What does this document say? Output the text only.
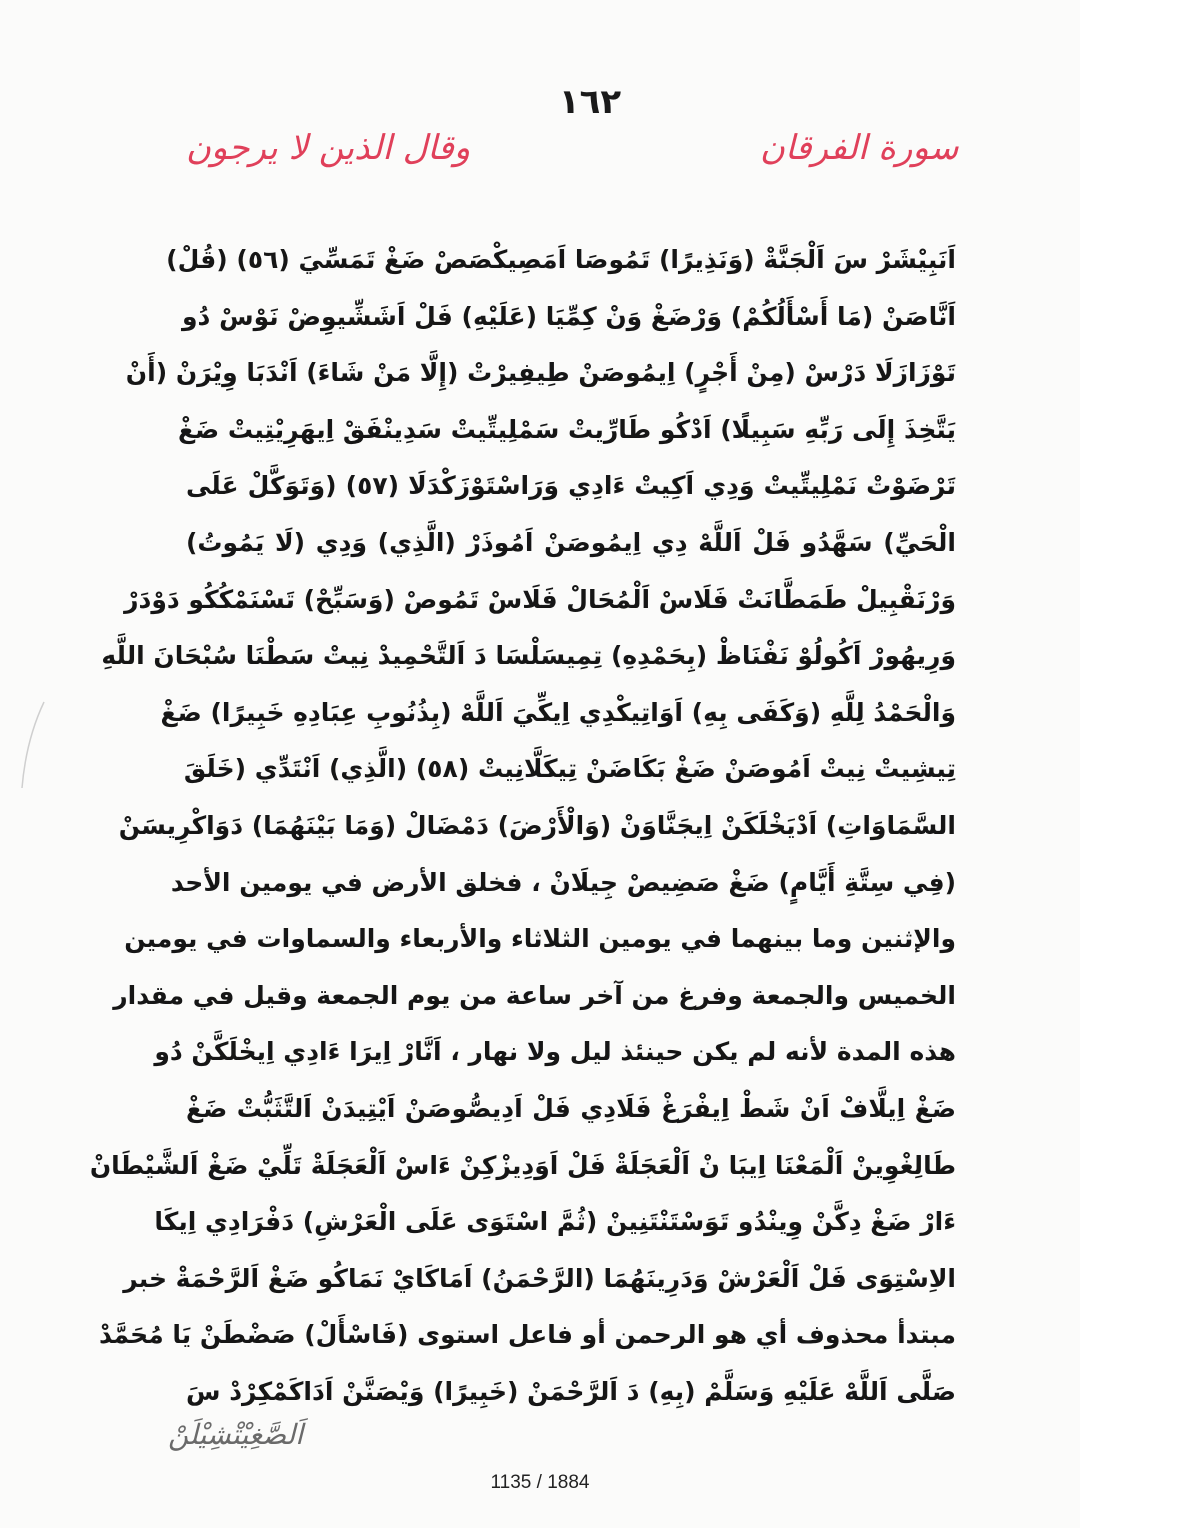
١٦٢
وقال الذين لا يرجون	سورة الفرقان
اَنَبِيْشَرْ سَ اَلْجَنَّةْ (وَنَذِيرًا) تَمُوصَا اَمَصِيكْصَصْ ضَغْ تَمَسِّيَ (٥٦) (قُلْ)
اَنَّاصَنْ (مَا أَسْأَلُكُمْ) وَرْضَغْ وَنْ كِمِّيَا (عَلَيْهِ) فَلْ اَشَشِّيوِضْ نَوْسْ دُو
تَوْزَازَلَا دَرْسْ (مِنْ أَجْرٍ) اِيمُوصَنْ طِيفِيرْتْ (إِلَّا مَنْ شَاءَ) اَنْدَبَا وِيْرَنْ (أَنْ
يَتَّخِذَ إِلَى رَبِّهِ سَبِيلًا) اَدْكُو طَارِّيتْ سَمْلِيتِّيتْ سَدِينْفَقْ اِيهَرِيْتِيتْ ضَغْ
تَرْضَوْتْ نَمْلِيتِّيتْ وَدِي اَكِيتْ ءَادِي وَرَاسْتَوْزَكْدَلَا (٥٧) (وَتَوَكَّلْ عَلَى
الْحَيِّ) سَهَّدُو فَلْ اَللَّهْ دِي اِيمُوصَنْ اَمُوذَرْ (الَّذِي) وَدِي (لَا يَمُوتُ)
وَرْنَقْبِيلْ طَمَطَّانَتْ فَلَاسْ اَلْمُحَالْ فَلَاسْ تَمُوصْ (وَسَبِّحْ) تَسْنَمْكُكُو دَوْدَرْ
وَرِيهُورْ اَكُولُوْ نَفْنَاظْ (بِحَمْدِهِ) تِمِيسَلْسَا دَ اَلتَّحْمِيدْ نِيتْ سَطْنَا سُبْحَانَ اللَّهِ
وَالْحَمْدُ لِلَّهِ (وَكَفَى بِهِ) اَوَاتِيكْدِي اِيكِّيَ اَللَّهْ (بِذُنُوبِ عِبَادِهِ خَبِيرًا) ضَغْ
تِيشِيتْ نِيتْ اَمُوصَنْ ضَغْ بَكَاضَنْ تِيكَلَّانِيتْ (٥٨) (الَّذِي) اَنْتَدِّي (خَلَقَ
السَّمَاوَاتِ) اَدْيَخْلَكَنْ اِيجَنَّاوَنْ (وَالْأَرْضَ) دَمْضَالْ (وَمَا بَيْنَهُمَا) دَوَاكْرِيسَنْ
(فِي سِتَّةِ أَيَّامٍ) ضَغْ صَضِيصْ جِيلَانْ ، فخلق الأرض في يومين الأحد
والإثنين وما بينهما في يومين الثلاثاء والأربعاء والسماوات في يومين
الخميس والجمعة وفرغ من آخر ساعة من يوم الجمعة وقيل في مقدار
هذه المدة لأنه لم يكن حينئذ ليل ولا نهار ، اَنَّارْ اِيرَا ءَادِي اِيخْلَكَّنْ دُو
ضَغْ اِيلَّافْ اَنْ شَطْ اِيفْرَغْ فَلَادِي فَلْ اَدِيصُّوصَنْ اَيْتِيدَنْ اَلتَّثَبُّتْ ضَغْ
طَالِغْوِينْ اَلْمَعْنَا اِيبَا نْ اَلْعَجَلَةْ فَلْ اَوَدِيزْكِنْ ءَاسْ اَلْعَجَلَةْ تَلِّيْ ضَغْ اَلشَّيْطَانْ
ءَارْ ضَغْ دِكَّنْ وِينْدُو تَوَسْتَنْتَنِينْ (ثُمَّ اسْتَوَى عَلَى الْعَرْشِ) دَفْرَادِي اِيكَا
الاِسْتِوَى فَلْ اَلْعَرْشْ وَدَرِينَهُمَا (الرَّحْمَنُ) اَمَاكَايْ نَمَاكُو ضَغْ اَلرَّحْمَةْ خبر
مبتدأ محذوف أي هو الرحمن أو فاعل استوى (فَاسْأَلْ) صَضْطَنْ يَا مُحَمَّدْ
صَلَّى اَللَّهْ عَلَيْهِ وَسَلَّمْ (بِهِ) دَ اَلرَّحْمَنْ (خَبِيرًا) وَيْصَنَّنْ اَدَاكَمْكِرْدْ سَ
اَلصَّغِيْتْشِيْلَنْ
1135 / 1884
